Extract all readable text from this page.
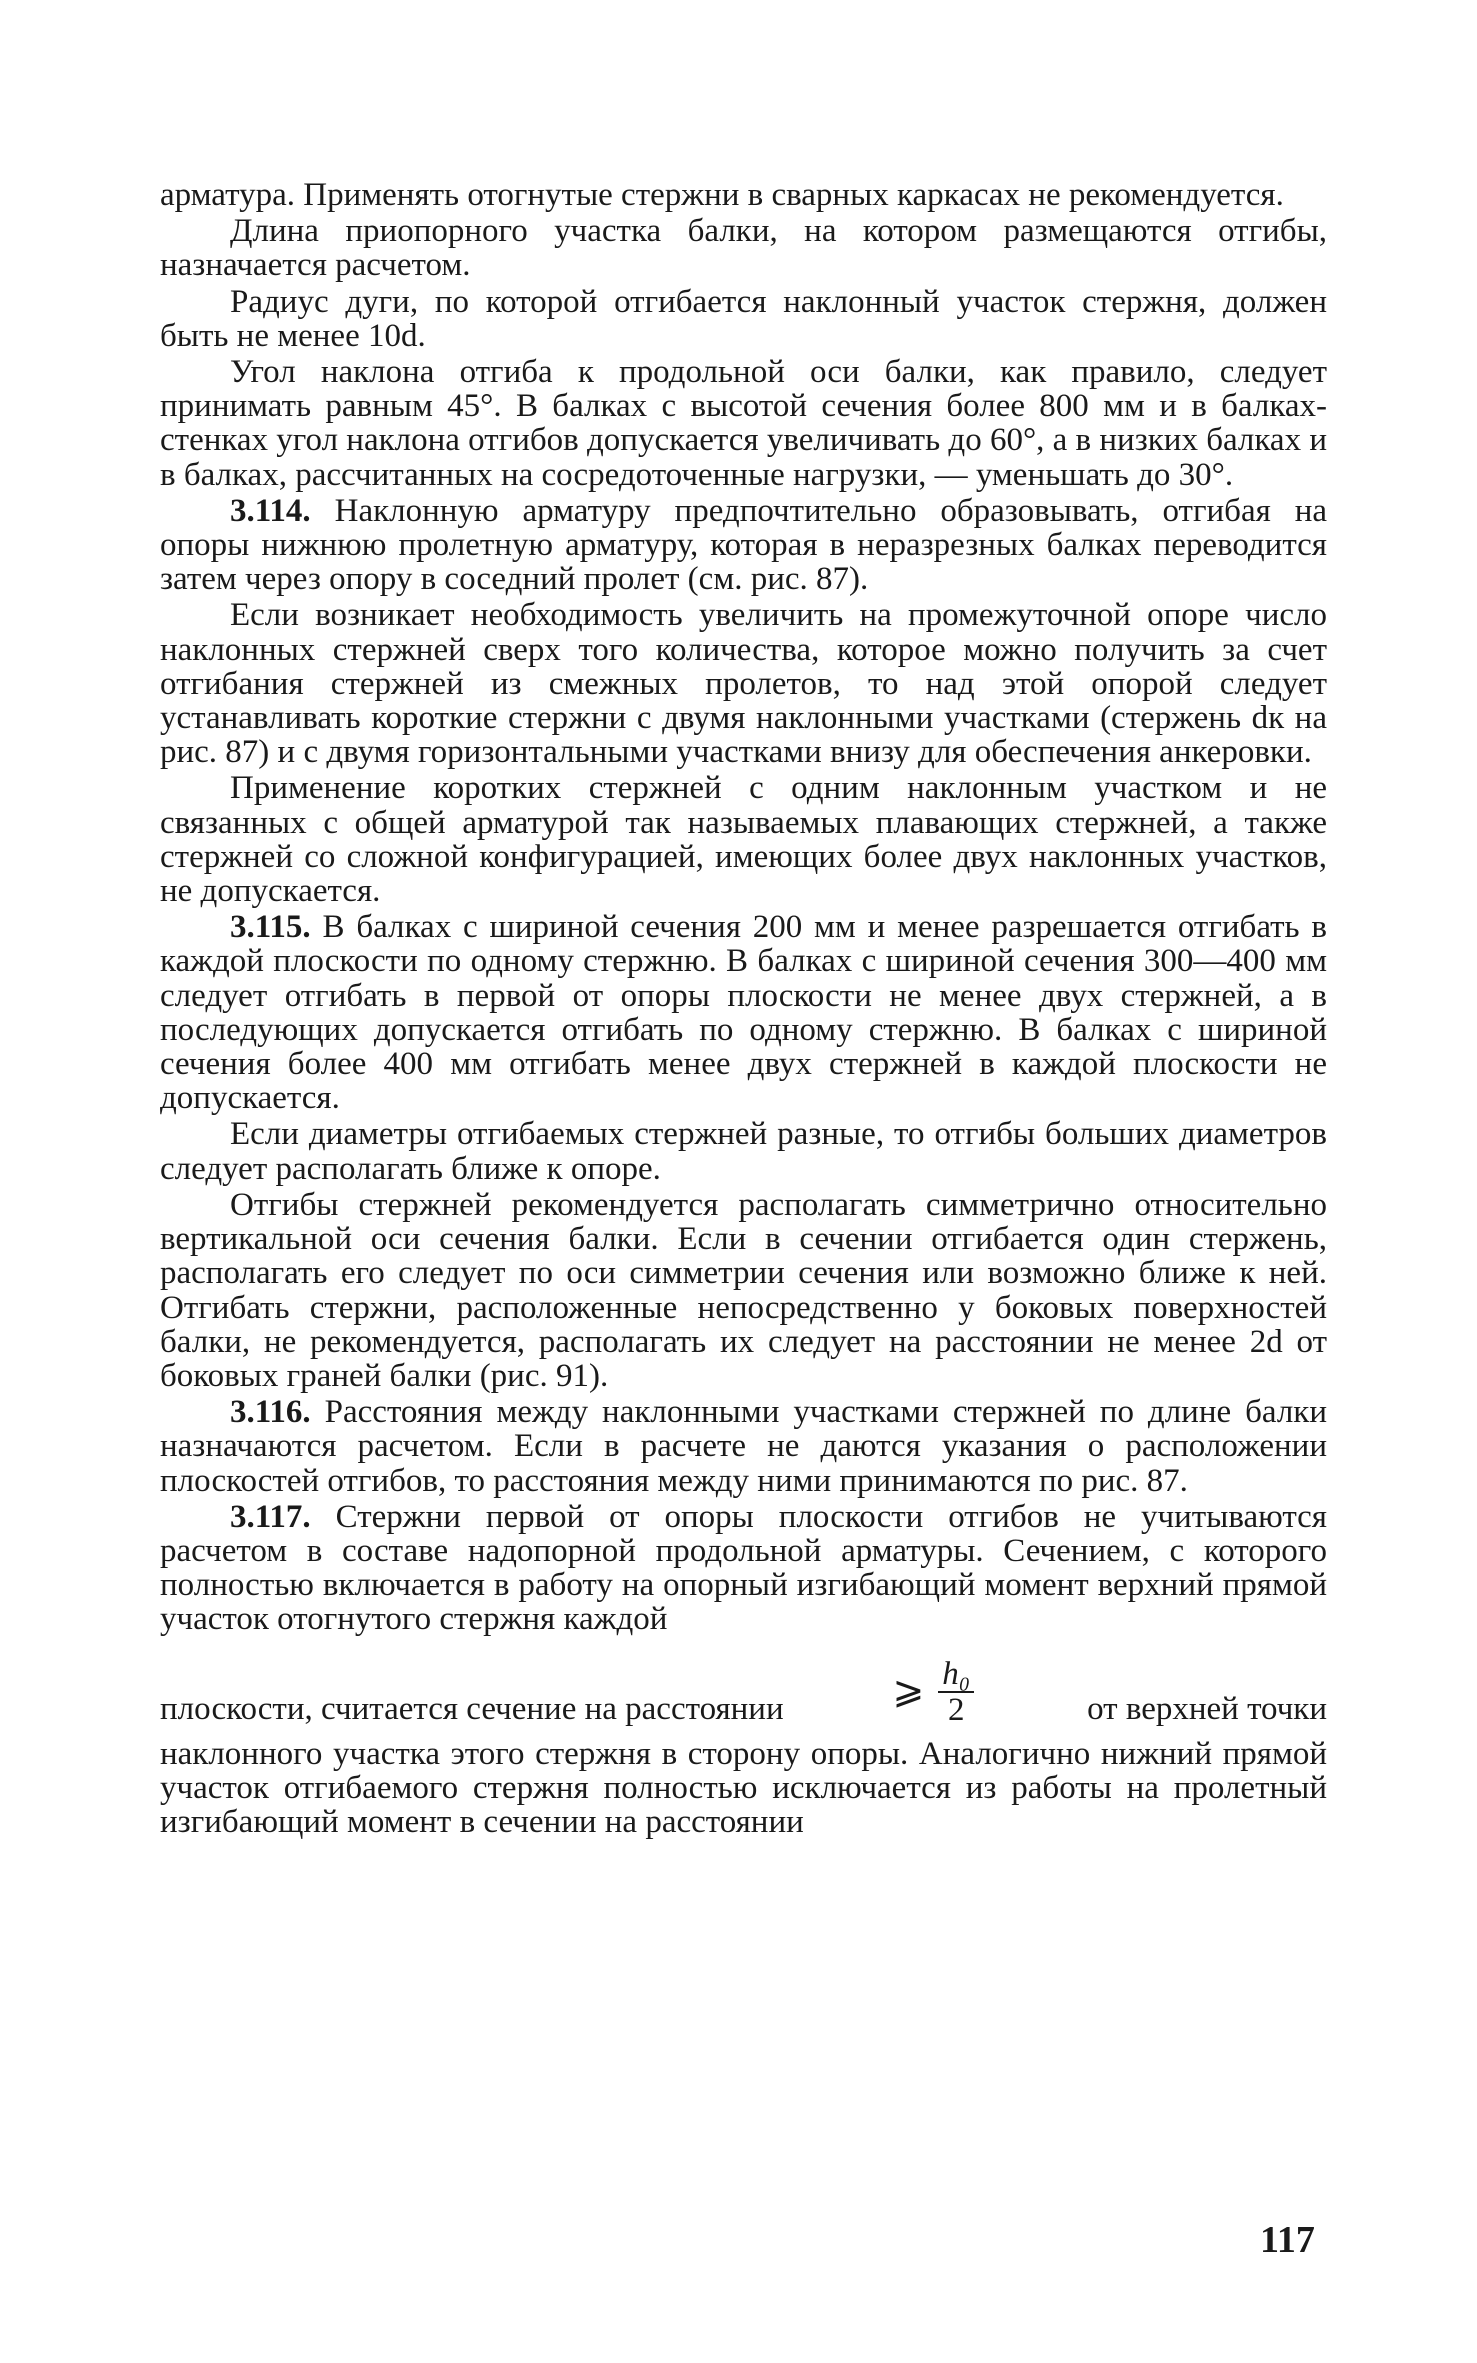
арматура. Применять отогнутые стержни в сварных каркасах не рекомендуется.

Длина приопорного участка балки, на котором размещаются отгибы, назначается расчетом.

Радиус дуги, по которой отгибается наклонный участок стержня, должен быть не менее 10d.

Угол наклона отгиба к продольной оси балки, как правило, следует принимать равным 45°. В балках с высотой сечения более 800 мм и в балках-стенках угол наклона отгибов допускается увеличивать до 60°, а в низких балках и в балках, рассчитанных на сосредоточенные нагрузки, — уменьшать до 30°.

3.114. Наклонную арматуру предпочтительно образовывать, отгибая на опоры нижнюю пролетную арматуру, которая в неразрезных балках переводится затем через опору в соседний пролет (см. рис. 87).

Если возникает необходимость увеличить на промежуточной опоре число наклонных стержней сверх того количества, которое можно получить за счет отгибания стержней из смежных пролетов, то над этой опорой следует устанавливать короткие стержни с двумя наклонными участками (стержень dк на рис. 87) и с двумя горизонтальными участками внизу для обеспечения анкеровки.

Применение коротких стержней с одним наклонным участком и не связанных с общей арматурой так называемых плавающих стержней, а также стержней со сложной конфигурацией, имеющих более двух наклонных участков, не допускается.

3.115. В балках с шириной сечения 200 мм и менее разрешается отгибать в каждой плоскости по одному стержню. В балках с шириной сечения 300—400 мм следует отгибать в первой от опоры плоскости не менее двух стержней, а в последующих допускается отгибать по одному стержню. В балках с шириной сечения более 400 мм отгибать менее двух стержней в каждой плоскости не допускается.

Если диаметры отгибаемых стержней разные, то отгибы больших диаметров следует располагать ближе к опоре.

Отгибы стержней рекомендуется располагать симметрично относительно вертикальной оси сечения балки. Если в сечении отгибается один стержень, располагать его следует по оси симметрии сечения или возможно ближе к ней. Отгибать стержни, расположенные непосредственно у боковых поверхностей балки, не рекомендуется, располагать их следует на расстоянии не менее 2d от боковых граней балки (рис. 91).

3.116. Расстояния между наклонными участками стержней по длине балки назначаются расчетом. Если в расчете не даются указания о расположении плоскостей отгибов, то расстояния между ними принимаются по рис. 87.

3.117. Стержни первой от опоры плоскости отгибов не учитываются расчетом в составе надопорной продольной арматуры. Сечением, с которого полностью включается в работу на опорный изгибающий момент верхний прямой участок отогнутого стержня каждой

плоскости, считается сечение на расстоянии	⩾ $\frac{\text{h₀}}{2}$	от верхней точки

наклонного участка этого стержня в сторону опоры. Аналогично нижний прямой участок отгибаемого стержня полностью исключается из работы на пролетный изгибающий момент в сечении на расстоянии

117
